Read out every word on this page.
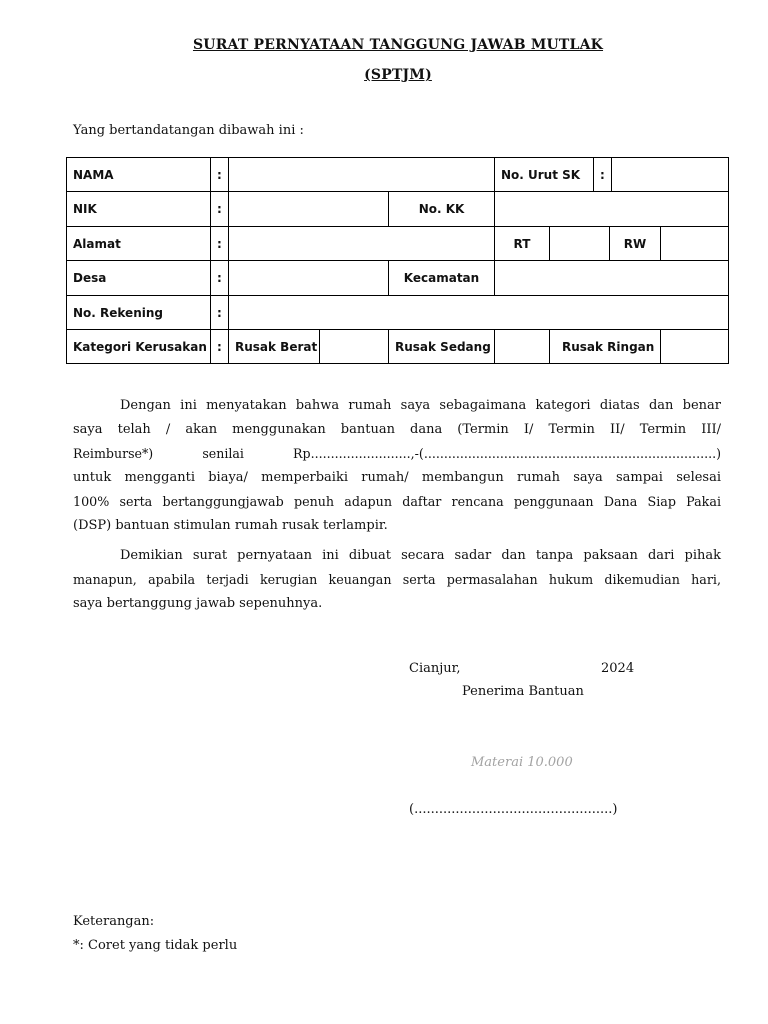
SURAT PERNYATAAN TANGGUNG JAWAB MUTLAK
(SPTJM)
Yang bertandatangan dibawah ini :
NAMA	:	No. Urut SK	:
NIK	:	No. KK
Alamat	:	RT	RW
Desa	:	Kecamatan
No. Rekening	:
Kategori Kerusakan :	Rusak Berat	Rusak Sedang	Rusak Ringan
Dengan ini menyatakan bahwa rumah saya sebagaimana kategori diatas dan benar
saya telah / akan menggunakan bantuan dana (Termin I/ Termin II/ Termin III/
Reimburse*) senilai Rp.........................,-(.........................................................................)
untuk mengganti biaya/ memperbaiki rumah/ membangun rumah saya sampai selesai
100% serta bertanggungjawab penuh adapun daftar rencana penggunaan Dana Siap Pakai
(DSP) bantuan stimulan rumah rusak terlampir.
Demikian surat pernyataan ini dibuat secara sadar dan tanpa paksaan dari pihak
manapun, apabila terjadi kerugian keuangan serta permasalahan hukum dikemudian hari,
saya bertanggung jawab sepenuhnya.
Cianjur,	2024
Penerima Bantuan
Materai 10.000
(................................................)
Keterangan:
*: Coret yang tidak perlu
